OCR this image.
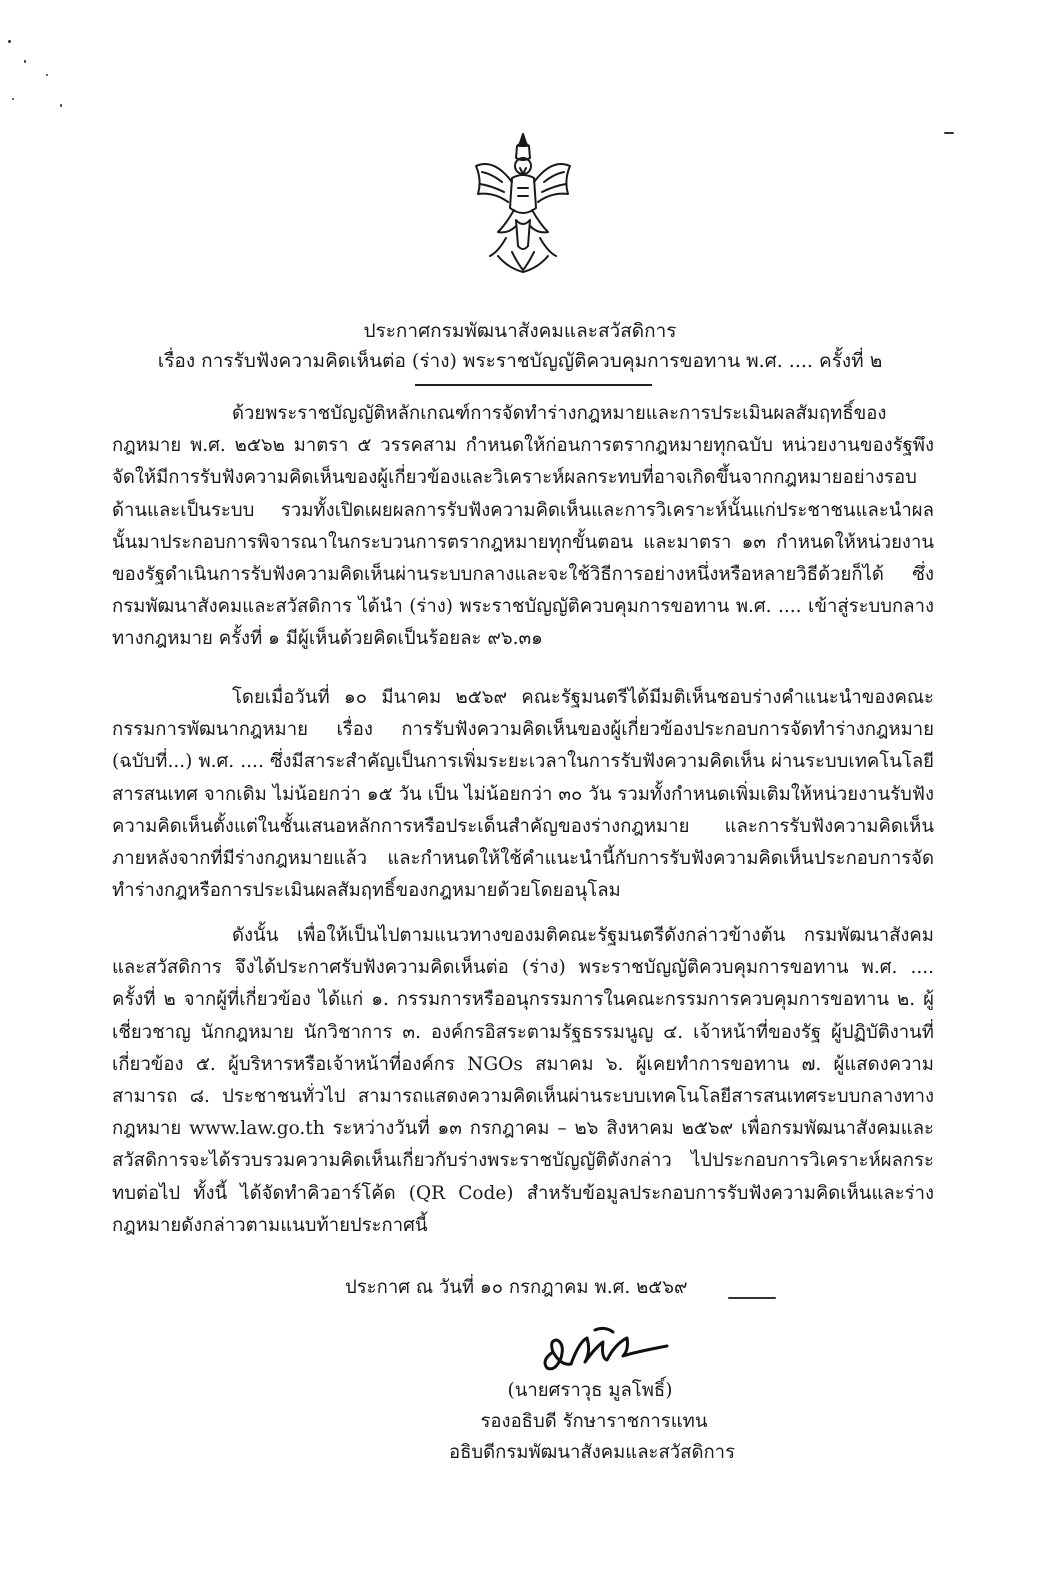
ประกาศกรมพัฒนาสังคมและสวัสดิการ
เรื่อง การรับฟังความคิดเห็นต่อ (ร่าง) พระราชบัญญัติควบคุมการขอทาน พ.ศ. .... ครั้งที่ ๒

ด้วยพระราชบัญญัติหลักเกณฑ์การจัดทำร่างกฎหมายและการประเมินผลสัมฤทธิ์ของกฎหมาย พ.ศ. ๒๕๖๒ มาตรา ๕ วรรคสาม กำหนดให้ก่อนการตรากฎหมายทุกฉบับ หน่วยงานของรัฐพึงจัดให้มีการรับฟังความคิดเห็นของผู้เกี่ยวข้องและวิเคราะห์ผลกระทบที่อาจเกิดขึ้นจากกฎหมายอย่างรอบด้านและเป็นระบบ รวมทั้งเปิดเผยผลการรับฟังความคิดเห็นและการวิเคราะห์นั้นแก่ประชาชนและนำผลนั้นมาประกอบการพิจารณาในกระบวนการตรากฎหมายทุกขั้นตอน และมาตรา ๑๓ กำหนดให้หน่วยงานของรัฐดำเนินการรับฟังความคิดเห็นผ่านระบบกลางและจะใช้วิธีการอย่างหนึ่งหรือหลายวิธีด้วยก็ได้ ซึ่งกรมพัฒนาสังคมและสวัสดิการ ได้นำ (ร่าง) พระราชบัญญัติควบคุมการขอทาน พ.ศ. .... เข้าสู่ระบบกลางทางกฎหมาย ครั้งที่ ๑ มีผู้เห็นด้วยคิดเป็นร้อยละ ๙๖.๓๑

โดยเมื่อวันที่ ๑๐ มีนาคม ๒๕๖๙ คณะรัฐมนตรีได้มีมติเห็นชอบร่างคำแนะนำของคณะกรรมการพัฒนากฎหมาย เรื่อง การรับฟังความคิดเห็นของผู้เกี่ยวข้องประกอบการจัดทำร่างกฎหมาย (ฉบับที่...) พ.ศ. .... ซึ่งมีสาระสำคัญเป็นการเพิ่มระยะเวลาในการรับฟังความคิดเห็น ผ่านระบบเทคโนโลยีสารสนเทศ จากเดิม ไม่น้อยกว่า ๑๕ วัน เป็น ไม่น้อยกว่า ๓๐ วัน รวมทั้งกำหนดเพิ่มเติมให้หน่วยงานรับฟังความคิดเห็นตั้งแต่ในชั้นเสนอหลักการหรือประเด็นสำคัญของร่างกฎหมาย และการรับฟังความคิดเห็นภายหลังจากที่มีร่างกฎหมายแล้ว และกำหนดให้ใช้คำแนะนำนี้กับการรับฟังความคิดเห็นประกอบการจัดทำร่างกฎหรือการประเมินผลสัมฤทธิ์ของกฎหมายด้วยโดยอนุโลม

ดังนั้น เพื่อให้เป็นไปตามแนวทางของมติคณะรัฐมนตรีดังกล่าวข้างต้น กรมพัฒนาสังคมและสวัสดิการ จึงได้ประกาศรับฟังความคิดเห็นต่อ (ร่าง) พระราชบัญญัติควบคุมการขอทาน พ.ศ. .... ครั้งที่ ๒ จากผู้ที่เกี่ยวข้อง ได้แก่ ๑. กรรมการหรืออนุกรรมการในคณะกรรมการควบคุมการขอทาน ๒. ผู้เชี่ยวชาญ นักกฎหมาย นักวิชาการ ๓. องค์กรอิสระตามรัฐธรรมนูญ ๔. เจ้าหน้าที่ของรัฐ ผู้ปฏิบัติงานที่เกี่ยวข้อง ๕. ผู้บริหารหรือเจ้าหน้าที่องค์กร NGOs สมาคม ๖. ผู้เคยทำการขอทาน ๗. ผู้แสดงความสามารถ ๘. ประชาชนทั่วไป สามารถแสดงความคิดเห็นผ่านระบบเทคโนโลยีสารสนเทศระบบกลางทางกฎหมาย www.law.go.th ระหว่างวันที่ ๑๓ กรกฎาคม – ๒๖ สิงหาคม ๒๕๖๙ เพื่อกรมพัฒนาสังคมและสวัสดิการจะได้รวบรวมความคิดเห็นเกี่ยวกับร่างพระราชบัญญัติดังกล่าว ไปประกอบการวิเคราะห์ผลกระทบต่อไป ทั้งนี้ ได้จัดทำคิวอาร์โค้ด (QR Code) สำหรับข้อมูลประกอบการรับฟังความคิดเห็นและร่างกฎหมายดังกล่าวตามแนบท้ายประกาศนี้

ประกาศ ณ วันที่ ๑๐ กรกฎาคม พ.ศ. ๒๕๖๙
(นายศราวุธ มูลโพธิ์)
รองอธิบดี รักษาราชการแทน
อธิบดีกรมพัฒนาสังคมและสวัสดิการ
